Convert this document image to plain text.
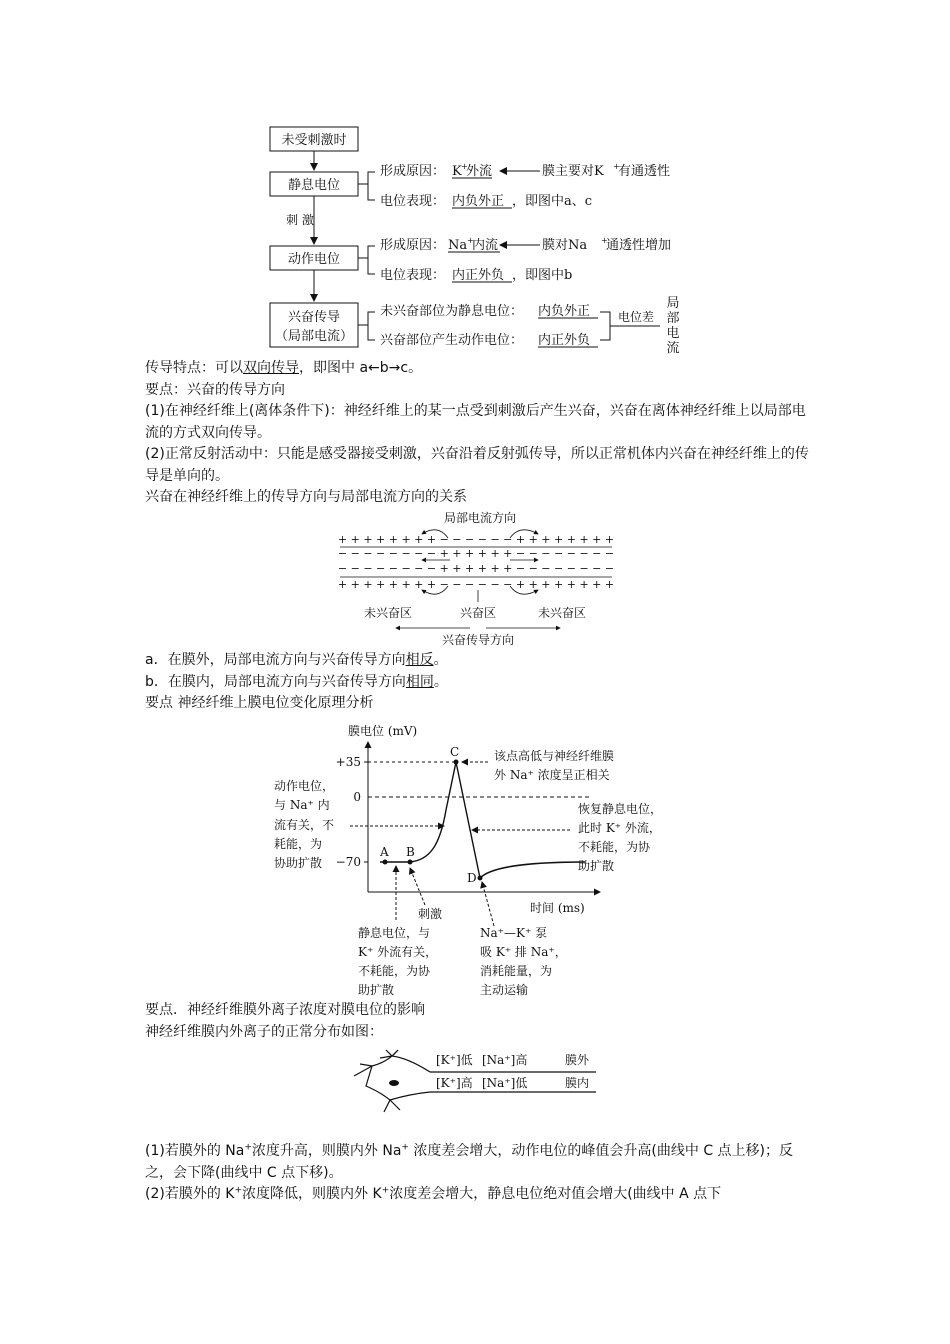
未受刺激时
静息电位
刺 激
动作电位
兴奋传导
（局部电流）
形成原因： K +
外流	膜主要对K +
有通透性
电位表现： 内负外正 ，即图中a、c
形成原因： Na +
内流	膜对Na +
通透性增加
电位表现： 内正外负 ，即图中b
未兴奋部位为静息电位： 内负外正
兴奋部位产生动作电位： 内正外负
电位差
局
部
电
流
传导特点：可以双向传导，即图中 a←b→c。
要点：兴奋的传导方向
(1)在神经纤维上(离体条件下)：神经纤维上的某一点受到刺激后产生兴奋，兴奋在离体神经纤维上以局部电流的方式双向传导。
(2)正常反射活动中：只能是感受器接受刺激，兴奋沿着反射弧传导，所以正常机体内兴奋在神经纤维上的传导是单向的。
兴奋在神经纤维上的传导方向与局部电流方向的关系
局部电流方向
+ + + + + + + + − − − − − − + + + + + + + +
− − − − − − − − + + + + + + − − − − − − − −
− − − − − − − − + + + + + + − − − − − − − −
+ + + + + + + + − − − − − − + + + + + + + +
未兴奋区	兴奋区	未兴奋区
兴奋传导方向
a．在膜外，局部电流方向与兴奋传导方向相反。
b．在膜内，局部电流方向与兴奋传导方向相同。
要点 神经纤维上膜电位变化原理分析
膜电位 (mV)
时间 (ms)
+35
0
−70
A B
C
D
该点高低与神经纤维膜
外 Na⁺ 浓度呈正相关
动作电位，
与 Na⁺ 内
流有关，不
耗能，为
协助扩散
恢复静息电位，
此时 K⁺ 外流，
不耗能，为协
助扩散
刺激
静息电位，与
K⁺ 外流有关，
不耗能，为协
助扩散
Na⁺—K⁺ 泵
吸 K⁺ 排 Na⁺，
消耗能量，为
主动运输
要点．神经纤维膜外离子浓度对膜电位的影响
神经纤维膜内外离子的正常分布如图：
[K⁺]低 [Na⁺]高	膜外
[K⁺]高 [Na⁺]低	膜内
(1)若膜外的 Na+浓度升高，则膜内外 Na+ 浓度差会增大，动作电位的峰值会升高(曲线中 C 点上移)；反之，会下降(曲线中 C 点下移)。
(2)若膜外的 K+浓度降低，则膜内外 K+浓度差会增大，静息电位绝对值会增大(曲线中 A 点下
